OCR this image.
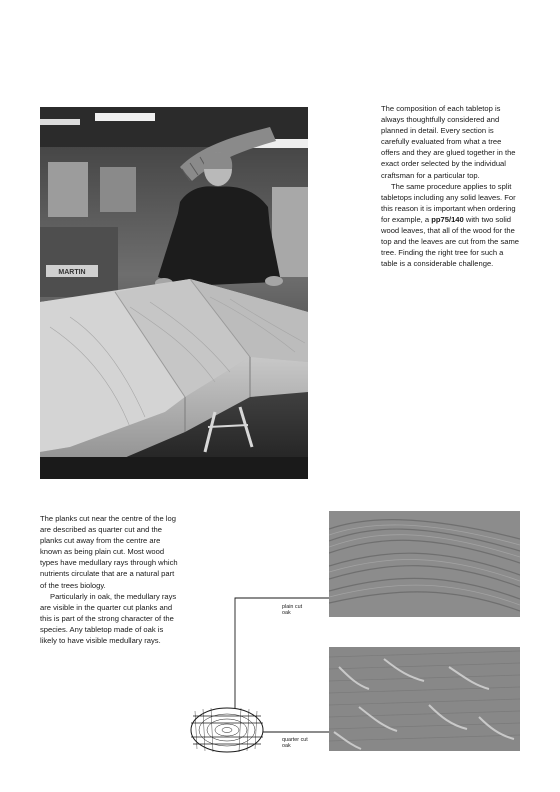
MARTIN

The composition of each tabletop is always thoughtfully considered and planned in detail. Every section is carefully evaluated from what a tree offers and they are glued together in the exact order selected by the individual craftsman for a particular top.

The same procedure applies to split tabletops including any solid leaves. For this reason it is important when ordering for example, a pp75/140 with two solid wood leaves, that all of the wood for the top and the leaves are cut from the same tree. Finding the right tree for such a table is a considerable challenge.

The planks cut near the centre of the log are described as quarter cut and the planks cut away from the centre are known as being plain cut. Most wood types have medullary rays through which nutrients circulate that are a natural part of the trees biology.

Particularly in oak, the medullary rays are visible in the quarter cut planks and this is part of the strong character of the species. Any tabletop made of oak is likely to have visible medullary rays.

plain cut
oak
quarter cut
oak
